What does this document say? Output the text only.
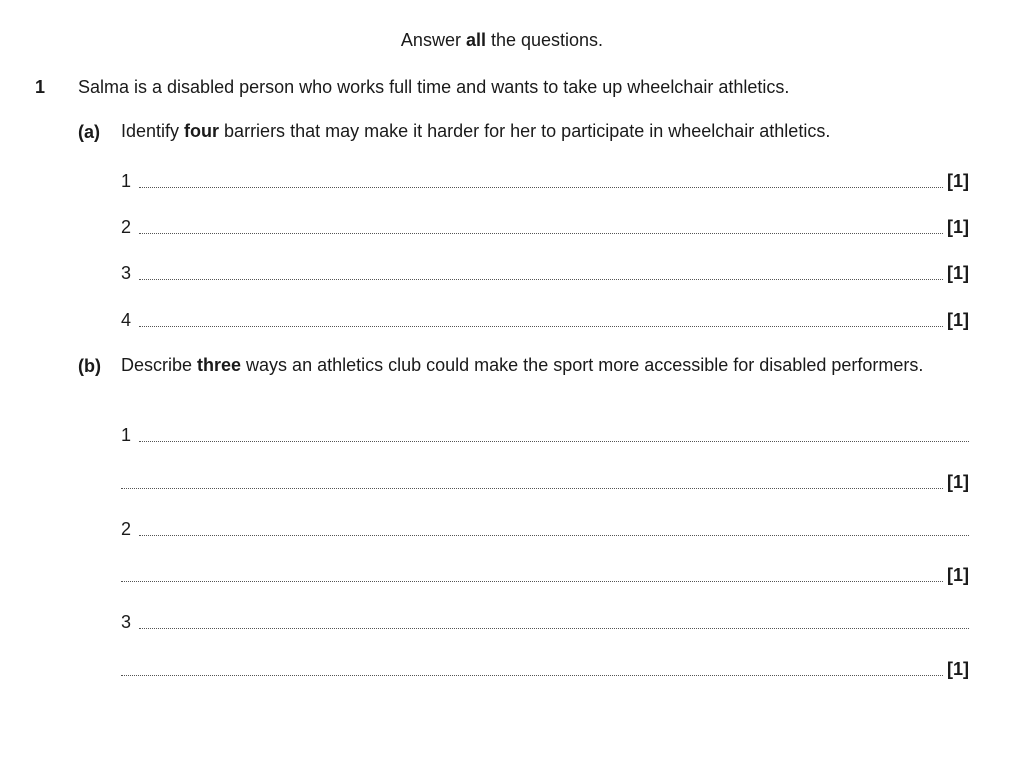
Answer all the questions.
1 Salma is a disabled person who works full time and wants to take up wheelchair athletics.
(a) Identify four barriers that may make it harder for her to participate in wheelchair athletics.
1	[1]
2	[1]
3	[1]
4	[1]
(b) Describe three ways an athletics club could make the sport more accessible for disabled performers.
1
[1]
2
[1]
3
[1]
